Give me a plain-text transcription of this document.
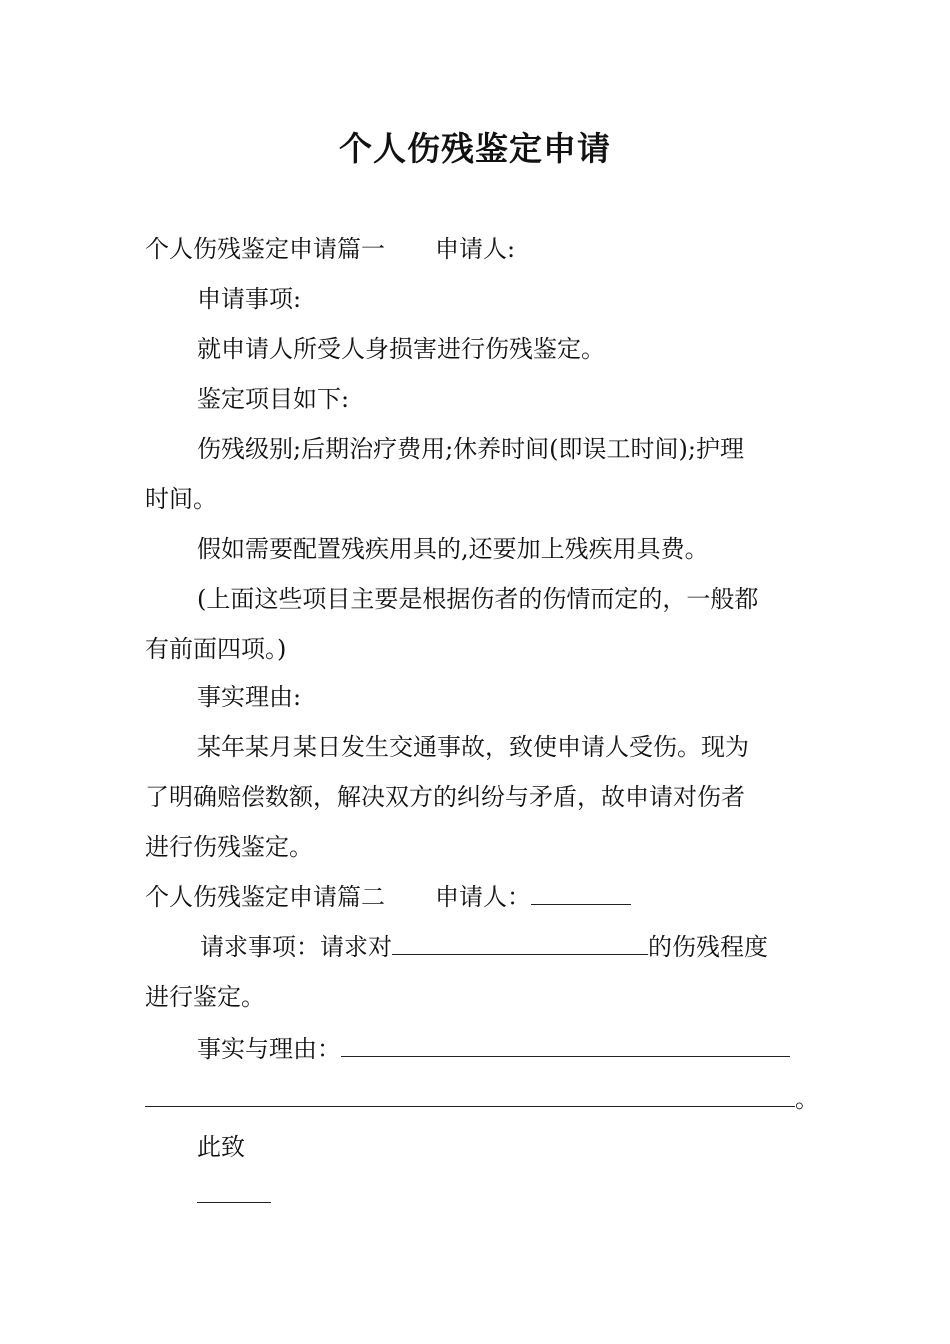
个人伤残鉴定申请
个人伤残鉴定申请篇一 申请人:
申请事项:
就申请人所受人身损害进行伤残鉴定。
鉴定项目如下:
伤残级别;后期治疗费用;休养时间(即误工时间);护理
时间。
假如需要配置残疾用具的,还要加上残疾用具费。
(上面这些项目主要是根据伤者的伤情而定的，一般都
有前面四项。)
事实理由:
某年某月某日发生交通事故，致使申请人受伤。现为
了明确赔偿数额，解决双方的纠纷与矛盾，故申请对伤者
进行伤残鉴定。
个人伤残鉴定申请篇二 申请人：
请求事项：请求对	的伤残程度
进行鉴定。
事实与理由：
。
此致
